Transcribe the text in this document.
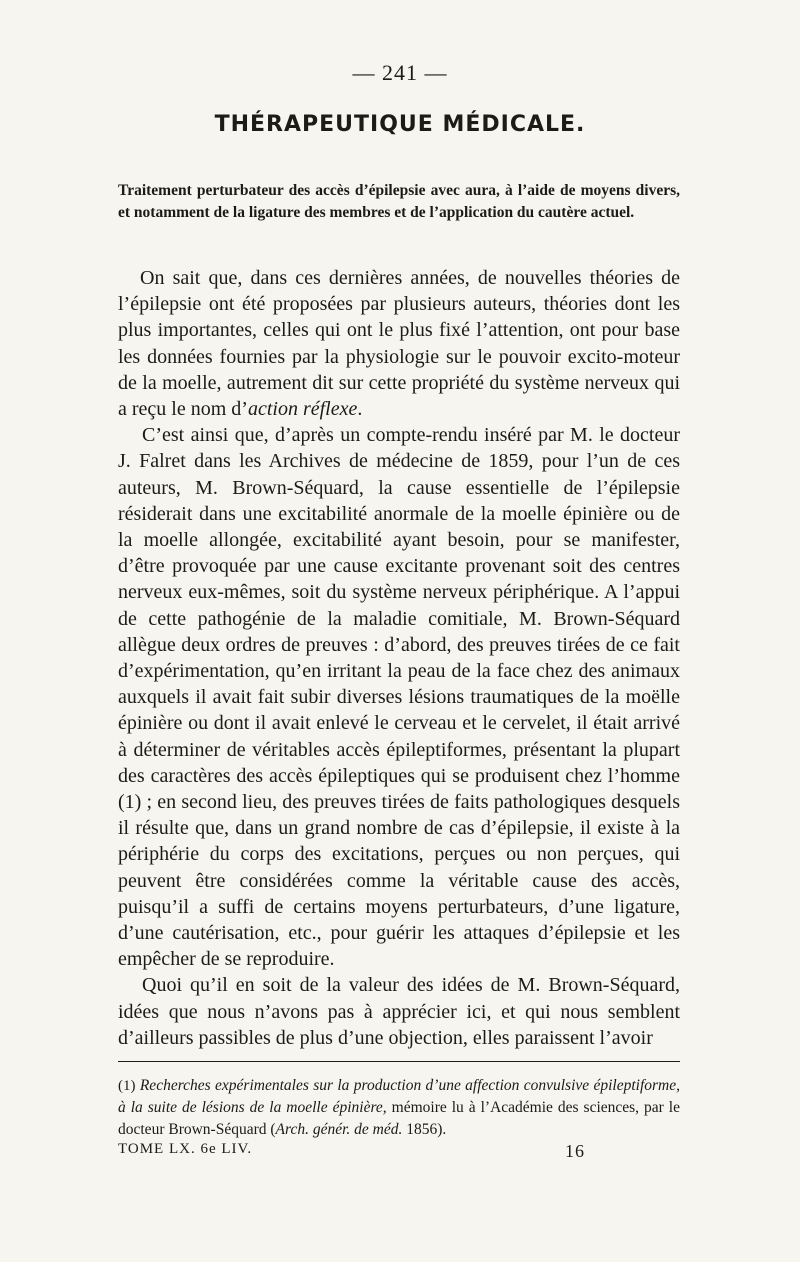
— 241 —
THÉRAPEUTIQUE MÉDICALE.
Traitement perturbateur des accès d’épilepsie avec aura, à l’aide de moyens divers, et notamment de la ligature des membres et de l’application du cautère actuel.

On sait que, dans ces dernières années, de nouvelles théories de l’épilepsie ont été proposées par plusieurs auteurs, théories dont les plus importantes, celles qui ont le plus fixé l’attention, ont pour base les données fournies par la physiologie sur le pouvoir excito-moteur de la moelle, autrement dit sur cette propriété du système nerveux qui a reçu le nom d’action réflexe.

C’est ainsi que, d’après un compte-rendu inséré par M. le docteur J. Falret dans les Archives de médecine de 1859, pour l’un de ces auteurs, M. Brown-Séquard, la cause essentielle de l’épilepsie résiderait dans une excitabilité anormale de la moelle épinière ou de la moelle allongée, excitabilité ayant besoin, pour se manifester, d’être provoquée par une cause excitante provenant soit des centres nerveux eux-mêmes, soit du système nerveux périphérique. A l’appui de cette pathogénie de la maladie comitiale, M. Brown-Séquard allègue deux ordres de preuves : d’abord, des preuves tirées de ce fait d’expérimentation, qu’en irritant la peau de la face chez des animaux auxquels il avait fait subir diverses lésions traumatiques de la moëlle épinière ou dont il avait enlevé le cerveau et le cervelet, il était arrivé à déterminer de véritables accès épileptiformes, présentant la plupart des caractères des accès épileptiques qui se produisent chez l’homme (1) ; en second lieu, des preuves tirées de faits pathologiques desquels il résulte que, dans un grand nombre de cas d’épilepsie, il existe à la périphérie du corps des excitations, perçues ou non perçues, qui peuvent être considérées comme la véritable cause des accès, puisqu’il a suffi de certains moyens perturbateurs, d’une ligature, d’une cautérisation, etc., pour guérir les attaques d’épilepsie et les empêcher de se reproduire.

Quoi qu’il en soit de la valeur des idées de M. Brown-Séquard, idées que nous n’avons pas à apprécier ici, et qui nous semblent d’ailleurs passibles de plus d’une objection, elles paraissent l’avoir

(1) Recherches expérimentales sur la production d’une affection convulsive épileptiforme, à la suite de lésions de la moelle épinière, mémoire lu à l’Académie des sciences, par le docteur Brown-Séquard (Arch. génér. de méd. 1856).
TOME LX. 6e LIV.	16
